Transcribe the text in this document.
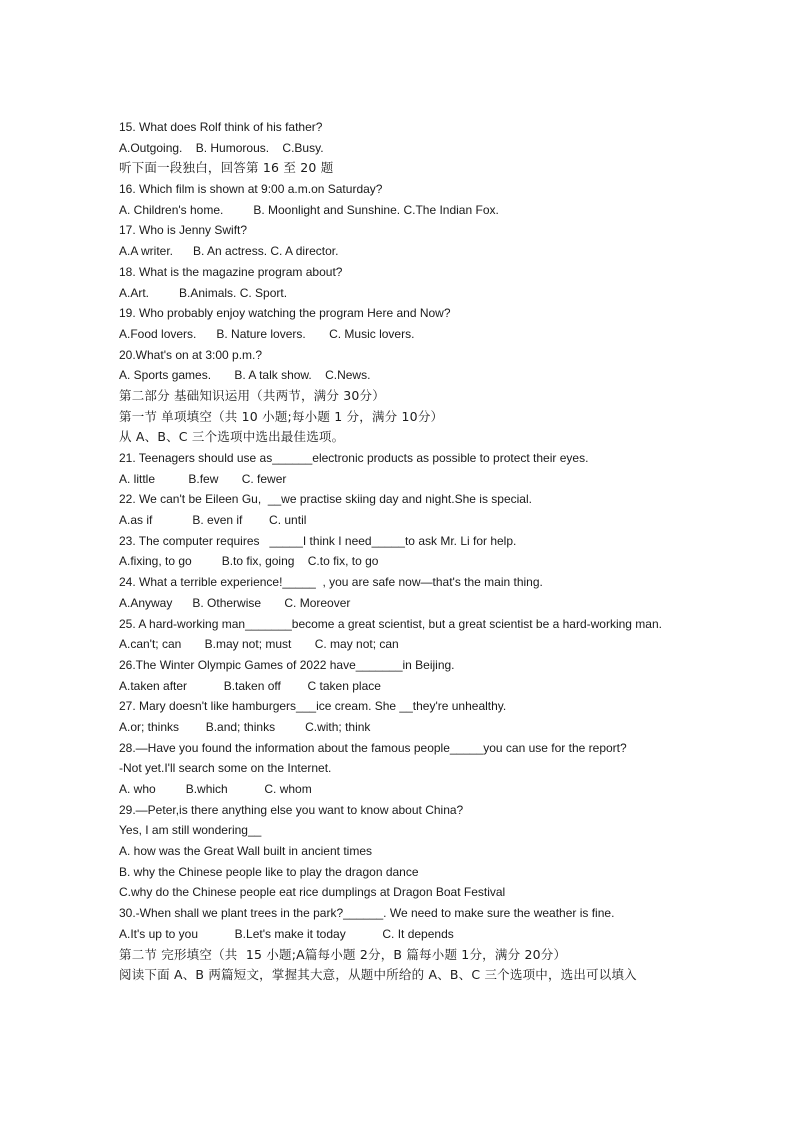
15. What does Rolf think of his father?
A.Outgoing.    B. Humorous.    C.Busy.
听下面一段独白，回答第 16 至 20 题
16. Which film is shown at 9:00 a.m.on Saturday?
A. Children's home.         B. Moonlight and Sunshine. C.The Indian Fox.
17. Who is Jenny Swift?
A.A writer.      B. An actress. C. A director.
18. What is the magazine program about?
A.Art.         B.Animals. C. Sport.
19. Who probably enjoy watching the program Here and Now?
A.Food lovers.      B. Nature lovers.       C. Music lovers.
20.What's on at 3:00 p.m.?
A. Sports games.       B. A talk show.    C.News.
第二部分 基础知识运用（共两节，满分 30分）
第一节 单项填空（共 10 小题;每小题 1 分，满分 10分）
从 A、B、C 三个选项中选出最佳选项。
21. Teenagers should use as______electronic products as possible to protect their eyes.
A. little          B.few       C. fewer
22. We can't be Eileen Gu,  __we practise skiing day and night.She is special.
A.as if            B. even if        C. until
23. The computer requires   _____I think I need_____to ask Mr. Li for help.
A.fixing, to go         B.to fix, going    C.to fix, to go
24. What a terrible experience!_____  , you are safe now—that's the main thing.
A.Anyway      B. Otherwise       C. Moreover
25. A hard-working man_______become a great scientist, but a great scientist be a hard-working man.
A.can't; can       B.may not; must       C. may not; can
26.The Winter Olympic Games of 2022 have_______in Beijing.
A.taken after           B.taken off        C taken place
27. Mary doesn't like hamburgers___ice cream. She __they're unhealthy.
A.or; thinks        B.and; thinks         C.with; think
28.—Have you found the information about the famous people_____you can use for the report?
-Not yet.I'll search some on the Internet.
A. who         B.which           C. whom
29.—Peter,is there anything else you want to know about China?
Yes, I am still wondering__
A. how was the Great Wall built in ancient times
B. why the Chinese people like to play the dragon dance
C.why do the Chinese people eat rice dumplings at Dragon Boat Festival
30.-When shall we plant trees in the park?______. We need to make sure the weather is fine.
A.It's up to you           B.Let's make it today           C. It depends
第二节 完形填空（共  15 小题;A篇每小题 2分，B 篇每小题 1分，满分 20分）
阅读下面 A、B 两篇短文，掌握其大意，从题中所给的 A、B、C 三个选项中，选出可以填入
